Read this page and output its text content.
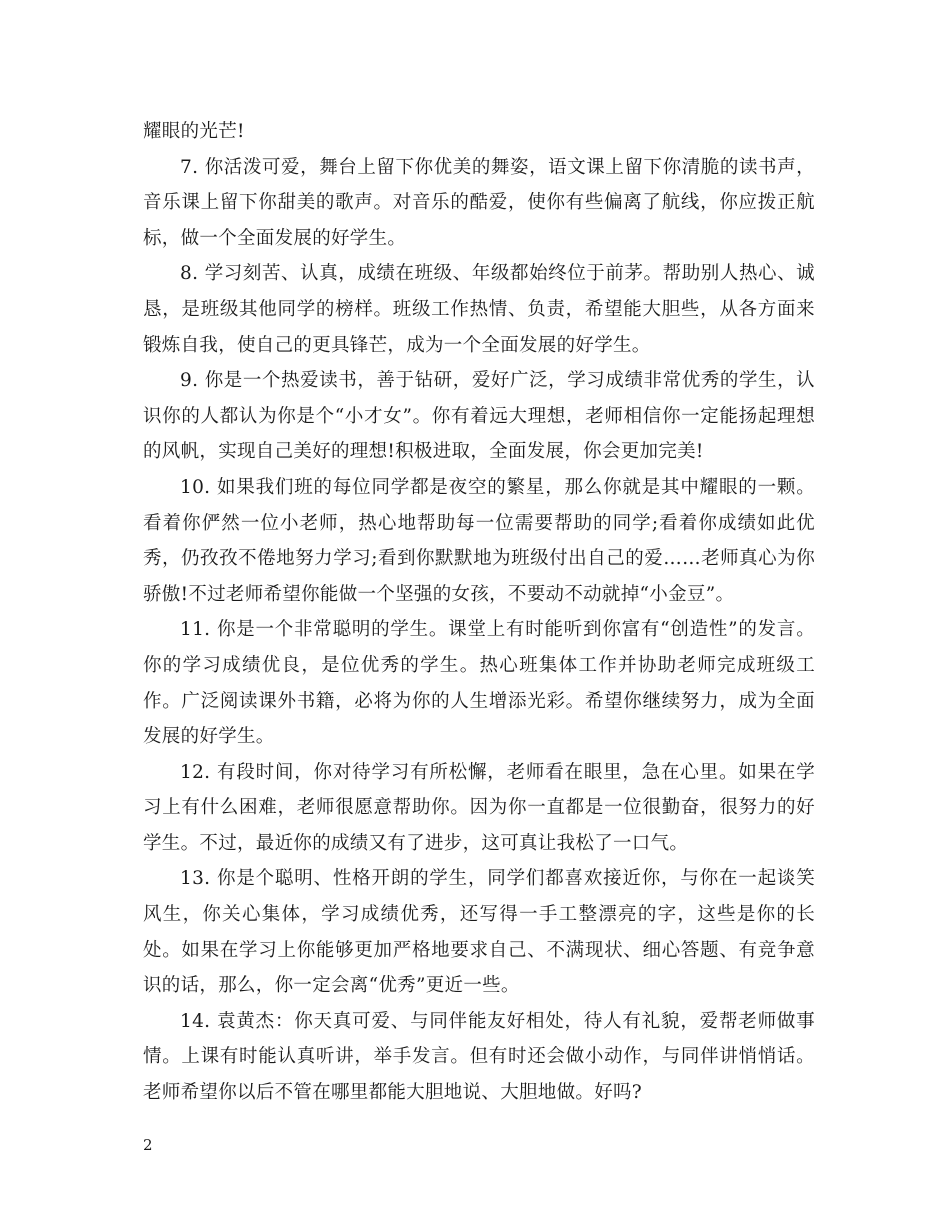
耀眼的光芒!

7. 你活泼可爱，舞台上留下你优美的舞姿，语文课上留下你清脆的读书声，音乐课上留下你甜美的歌声。对音乐的酷爱，使你有些偏离了航线，你应拨正航标，做一个全面发展的好学生。

8. 学习刻苦、认真，成绩在班级、年级都始终位于前茅。帮助别人热心、诚恳，是班级其他同学的榜样。班级工作热情、负责，希望能大胆些，从各方面来锻炼自我，使自己的更具锋芒，成为一个全面发展的好学生。

9. 你是一个热爱读书，善于钻研，爱好广泛，学习成绩非常优秀的学生，认识你的人都认为你是个“小才女”。你有着远大理想，老师相信你一定能扬起理想的风帆，实现自己美好的理想!积极进取，全面发展，你会更加完美!

10. 如果我们班的每位同学都是夜空的繁星，那么你就是其中耀眼的一颗。看着你俨然一位小老师，热心地帮助每一位需要帮助的同学;看着你成绩如此优秀，仍孜孜不倦地努力学习;看到你默默地为班级付出自己的爱……老师真心为你骄傲!不过老师希望你能做一个坚强的女孩，不要动不动就掉“小金豆”。

11. 你是一个非常聪明的学生。课堂上有时能听到你富有“创造性”的发言。你的学习成绩优良，是位优秀的学生。热心班集体工作并协助老师完成班级工作。广泛阅读课外书籍，必将为你的人生增添光彩。希望你继续努力，成为全面发展的好学生。

12. 有段时间，你对待学习有所松懈，老师看在眼里，急在心里。如果在学习上有什么困难，老师很愿意帮助你。因为你一直都是一位很勤奋，很努力的好学生。不过，最近你的成绩又有了进步，这可真让我松了一口气。

13. 你是个聪明、性格开朗的学生，同学们都喜欢接近你，与你在一起谈笑风生，你关心集体，学习成绩优秀，还写得一手工整漂亮的字，这些是你的长处。如果在学习上你能够更加严格地要求自己、不满现状、细心答题、有竞争意识的话，那么，你一定会离“优秀”更近一些。

14. 袁黄杰：你天真可爱、与同伴能友好相处，待人有礼貌，爱帮老师做事情。上课有时能认真听讲，举手发言。但有时还会做小动作，与同伴讲悄悄话。老师希望你以后不管在哪里都能大胆地说、大胆地做。好吗?

2
